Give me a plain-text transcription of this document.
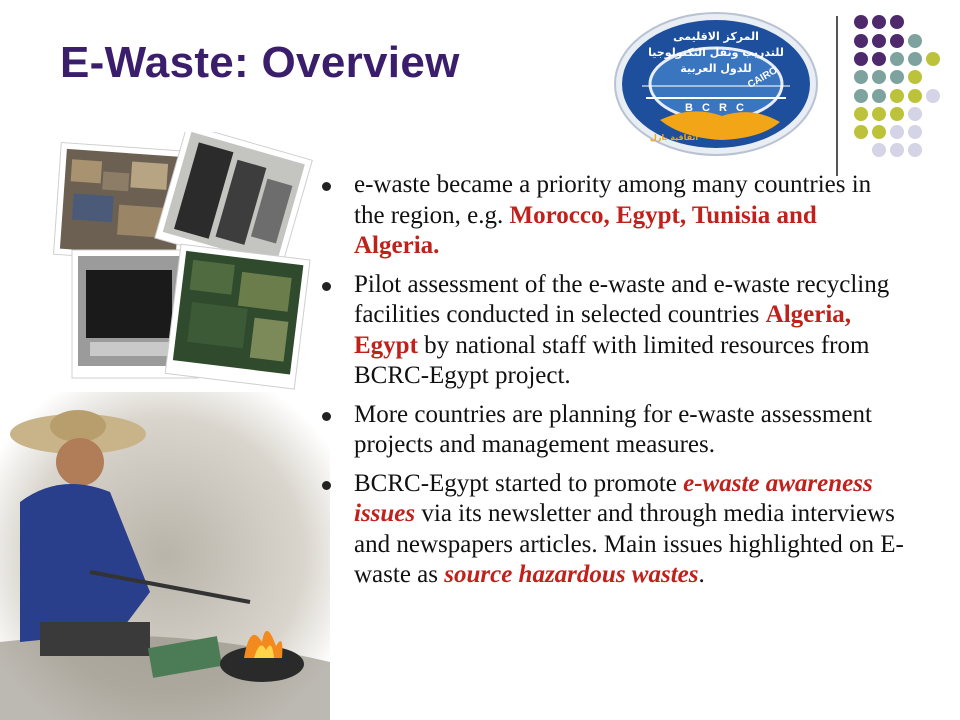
E-Waste: Overview
المركز الاقليمى
للتدريب ونقل التكنولوجيا
للدول العربية
CAIRO
B C R C
اتفاقية بازل
e-waste became a priority among many countries in the region, e.g. Morocco, Egypt, Tunisia and Algeria.
Pilot assessment of the e-waste and e-waste recycling facilities conducted in selected countries Algeria, Egypt by national staff with limited resources from BCRC-Egypt project.
More countries are planning for e-waste assessment projects and management measures.
BCRC-Egypt started to promote e-waste awareness issues via its newsletter and through media interviews and newspapers articles. Main issues highlighted on E-waste as source hazardous wastes.
